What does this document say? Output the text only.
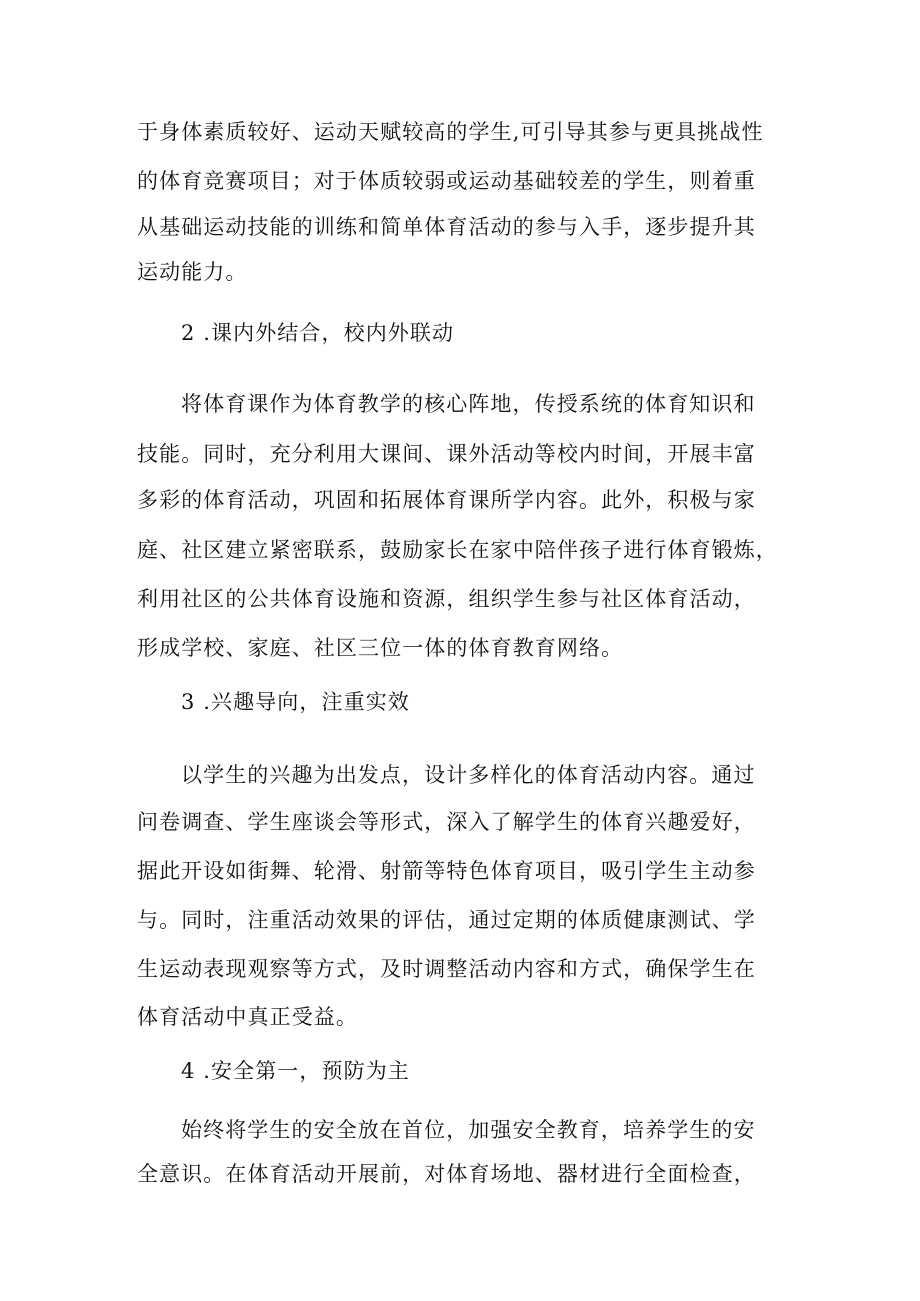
于身体素质较好、运动天赋较高的学生,可引导其参与更具挑战性
的体育竞赛项目；对于体质较弱或运动基础较差的学生，则着重
从基础运动技能的训练和简单体育活动的参与入手，逐步提升其
运动能力。
2 .课内外结合，校内外联动
将体育课作为体育教学的核心阵地，传授系统的体育知识和
技能。同时，充分利用大课间、课外活动等校内时间，开展丰富
多彩的体育活动，巩固和拓展体育课所学内容。此外，积极与家
庭、社区建立紧密联系，鼓励家长在家中陪伴孩子进行体育锻炼，
利用社区的公共体育设施和资源，组织学生参与社区体育活动，
形成学校、家庭、社区三位一体的体育教育网络。
3 .兴趣导向，注重实效
以学生的兴趣为出发点，设计多样化的体育活动内容。通过
问卷调查、学生座谈会等形式，深入了解学生的体育兴趣爱好，
据此开设如街舞、轮滑、射箭等特色体育项目，吸引学生主动参
与。同时，注重活动效果的评估，通过定期的体质健康测试、学
生运动表现观察等方式，及时调整活动内容和方式，确保学生在
体育活动中真正受益。
4 .安全第一，预防为主
始终将学生的安全放在首位，加强安全教育，培养学生的安
全意识。在体育活动开展前，对体育场地、器材进行全面检查，
